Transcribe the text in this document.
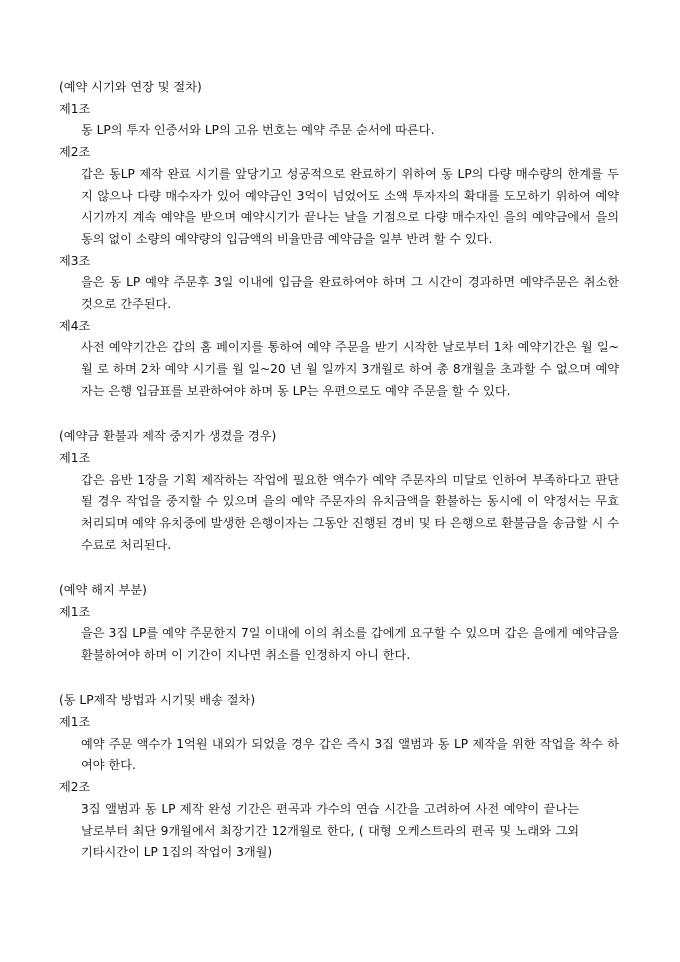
(예약 시기와 연장 및 절차)
제1조
동 LP의 투자 인증서와 LP의 고유 번호는 예약 주문 순서에 따른다.
제2조
갑은 동LP 제작 완료 시기를 앞당기고 성공적으로 완료하기 위하여 동 LP의 다량 매수량의 한계를 두지 않으나 다량 매수자가 있어 예약금인 3억이 넘었어도 소액 투자자의 확대를 도모하기 위하여 예약 시기까지 계속 예약을 받으며 예약시기가 끝나는 날을 기점으로 다량 매수자인 을의 예약금에서 을의 동의 없이 소량의 예약량의 입금액의 비율만큼 예약금을 일부 반려 할 수 있다.
제3조
을은 동 LP 예약 주문후 3일 이내에 입금을 완료하여야 하며 그 시간이 경과하면 예약주문은 취소한 것으로 간주된다.
제4조
사전 예약기간은 갑의 홈 페이지를 통하여 예약 주문을 받기 시작한 날로부터 1차 예약기간은 월 일~ 월 로 하며 2차 예약 시기를 월 일~20 년 월 일까지 3개월로 하여 총 8개월을 초과할 수 없으며 예약자는 은행 입금표를 보관하여야 하며 동 LP는 우편으로도 예약 주문을 할 수 있다.
(예약금 환불과 제작 중지가 생겼을 경우)
제1조
갑은 음반 1장을 기획 제작하는 작업에 필요한 액수가 예약 주문자의 미달로 인하여 부족하다고 판단될 경우 작업을 중지할 수 있으며 을의 예약 주문자의 유치금액을 환불하는 동시에 이 약정서는 무효 처리되며 예약 유치중에 발생한 은행이자는 그동안 진행된 경비 및 타 은행으로 환불금을 송금할 시 수수료로 처리된다.
(예약 해지 부분)
제1조
을은 3집 LP를 예약 주문한지 7일 이내에 이의 취소를 갑에게 요구할 수 있으며 갑은 을에게 예약금을 환불하여야 하며 이 기간이 지나면 취소를 인정하지 아니 한다.
(동 LP제작 방법과 시기및 배송 절차)
제1조
예약 주문 액수가 1억원 내외가 되었을 경우 갑은 즉시 3집 앨범과 동 LP 제작을 위한 작업을 착수 하여야 한다.
제2조
3집 앨범과 동 LP 제작 완성 기간은 편곡과 가수의 연습 시간을 고려하여 사전 예약이 끝나는 날로부터 최단 9개월에서 최장기간 12개월로 한다, ( 대형 오케스트라의 편곡 및 노래와 그외 기타시간이 LP 1집의 작업이 3개월)
